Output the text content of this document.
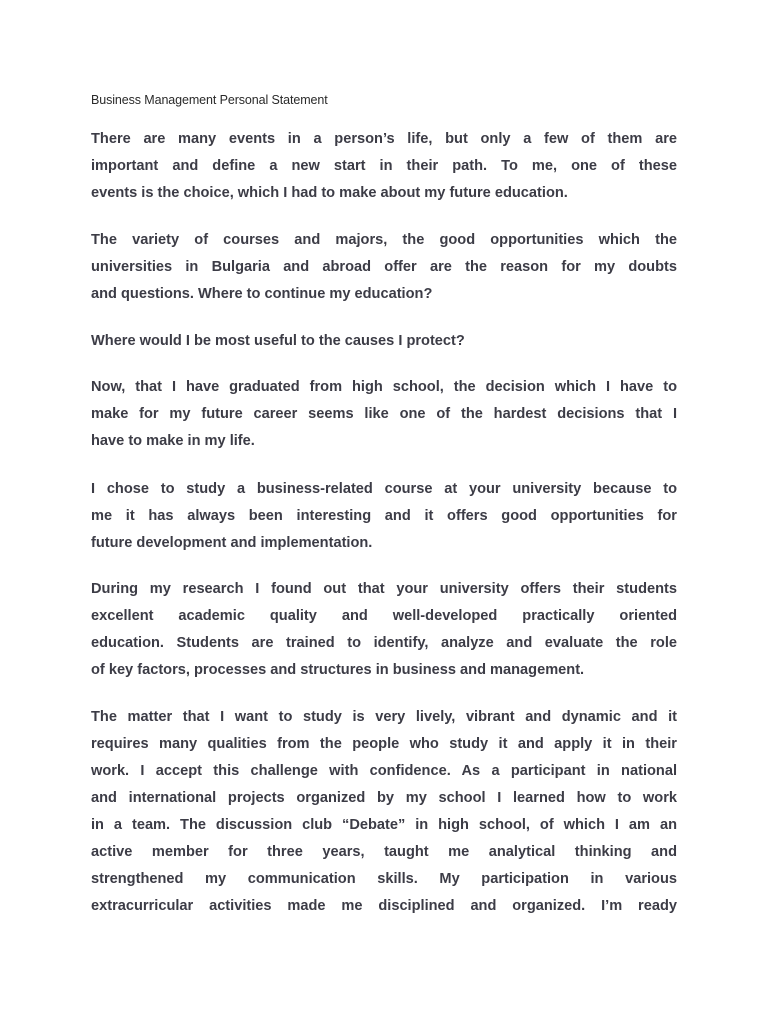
Business Management Personal Statement

There are many events in a person’s life, but only a few of them are
important and define a new start in their path. To me, one of these
events is the choice, which I had to make about my future education.

The variety of courses and majors, the good opportunities which the
universities in Bulgaria and abroad offer are the reason for my doubts
and questions. Where to continue my education?

Where would I be most useful to the causes I protect?

Now, that I have graduated from high school, the decision which I have to
make for my future career seems like one of the hardest decisions that I
have to make in my life.

I chose to study a business-related course at your university because to
me it has always been interesting and it offers good opportunities for
future development and implementation.

During my research I found out that your university offers their students
excellent academic quality and well-developed practically oriented
education. Students are trained to identify, analyze and evaluate the role
of key factors, processes and structures in business and management.

The matter that I want to study is very lively, vibrant and dynamic and it
requires many qualities from the people who study it and apply it in their
work. I accept this challenge with confidence. As a participant in national
and international projects organized by my school I learned how to work
in a team. The discussion club “Debate” in high school, of which I am an
active member for three years, taught me analytical thinking and
strengthened my communication skills. My participation in various
extracurricular activities made me disciplined and organized. I’m ready
